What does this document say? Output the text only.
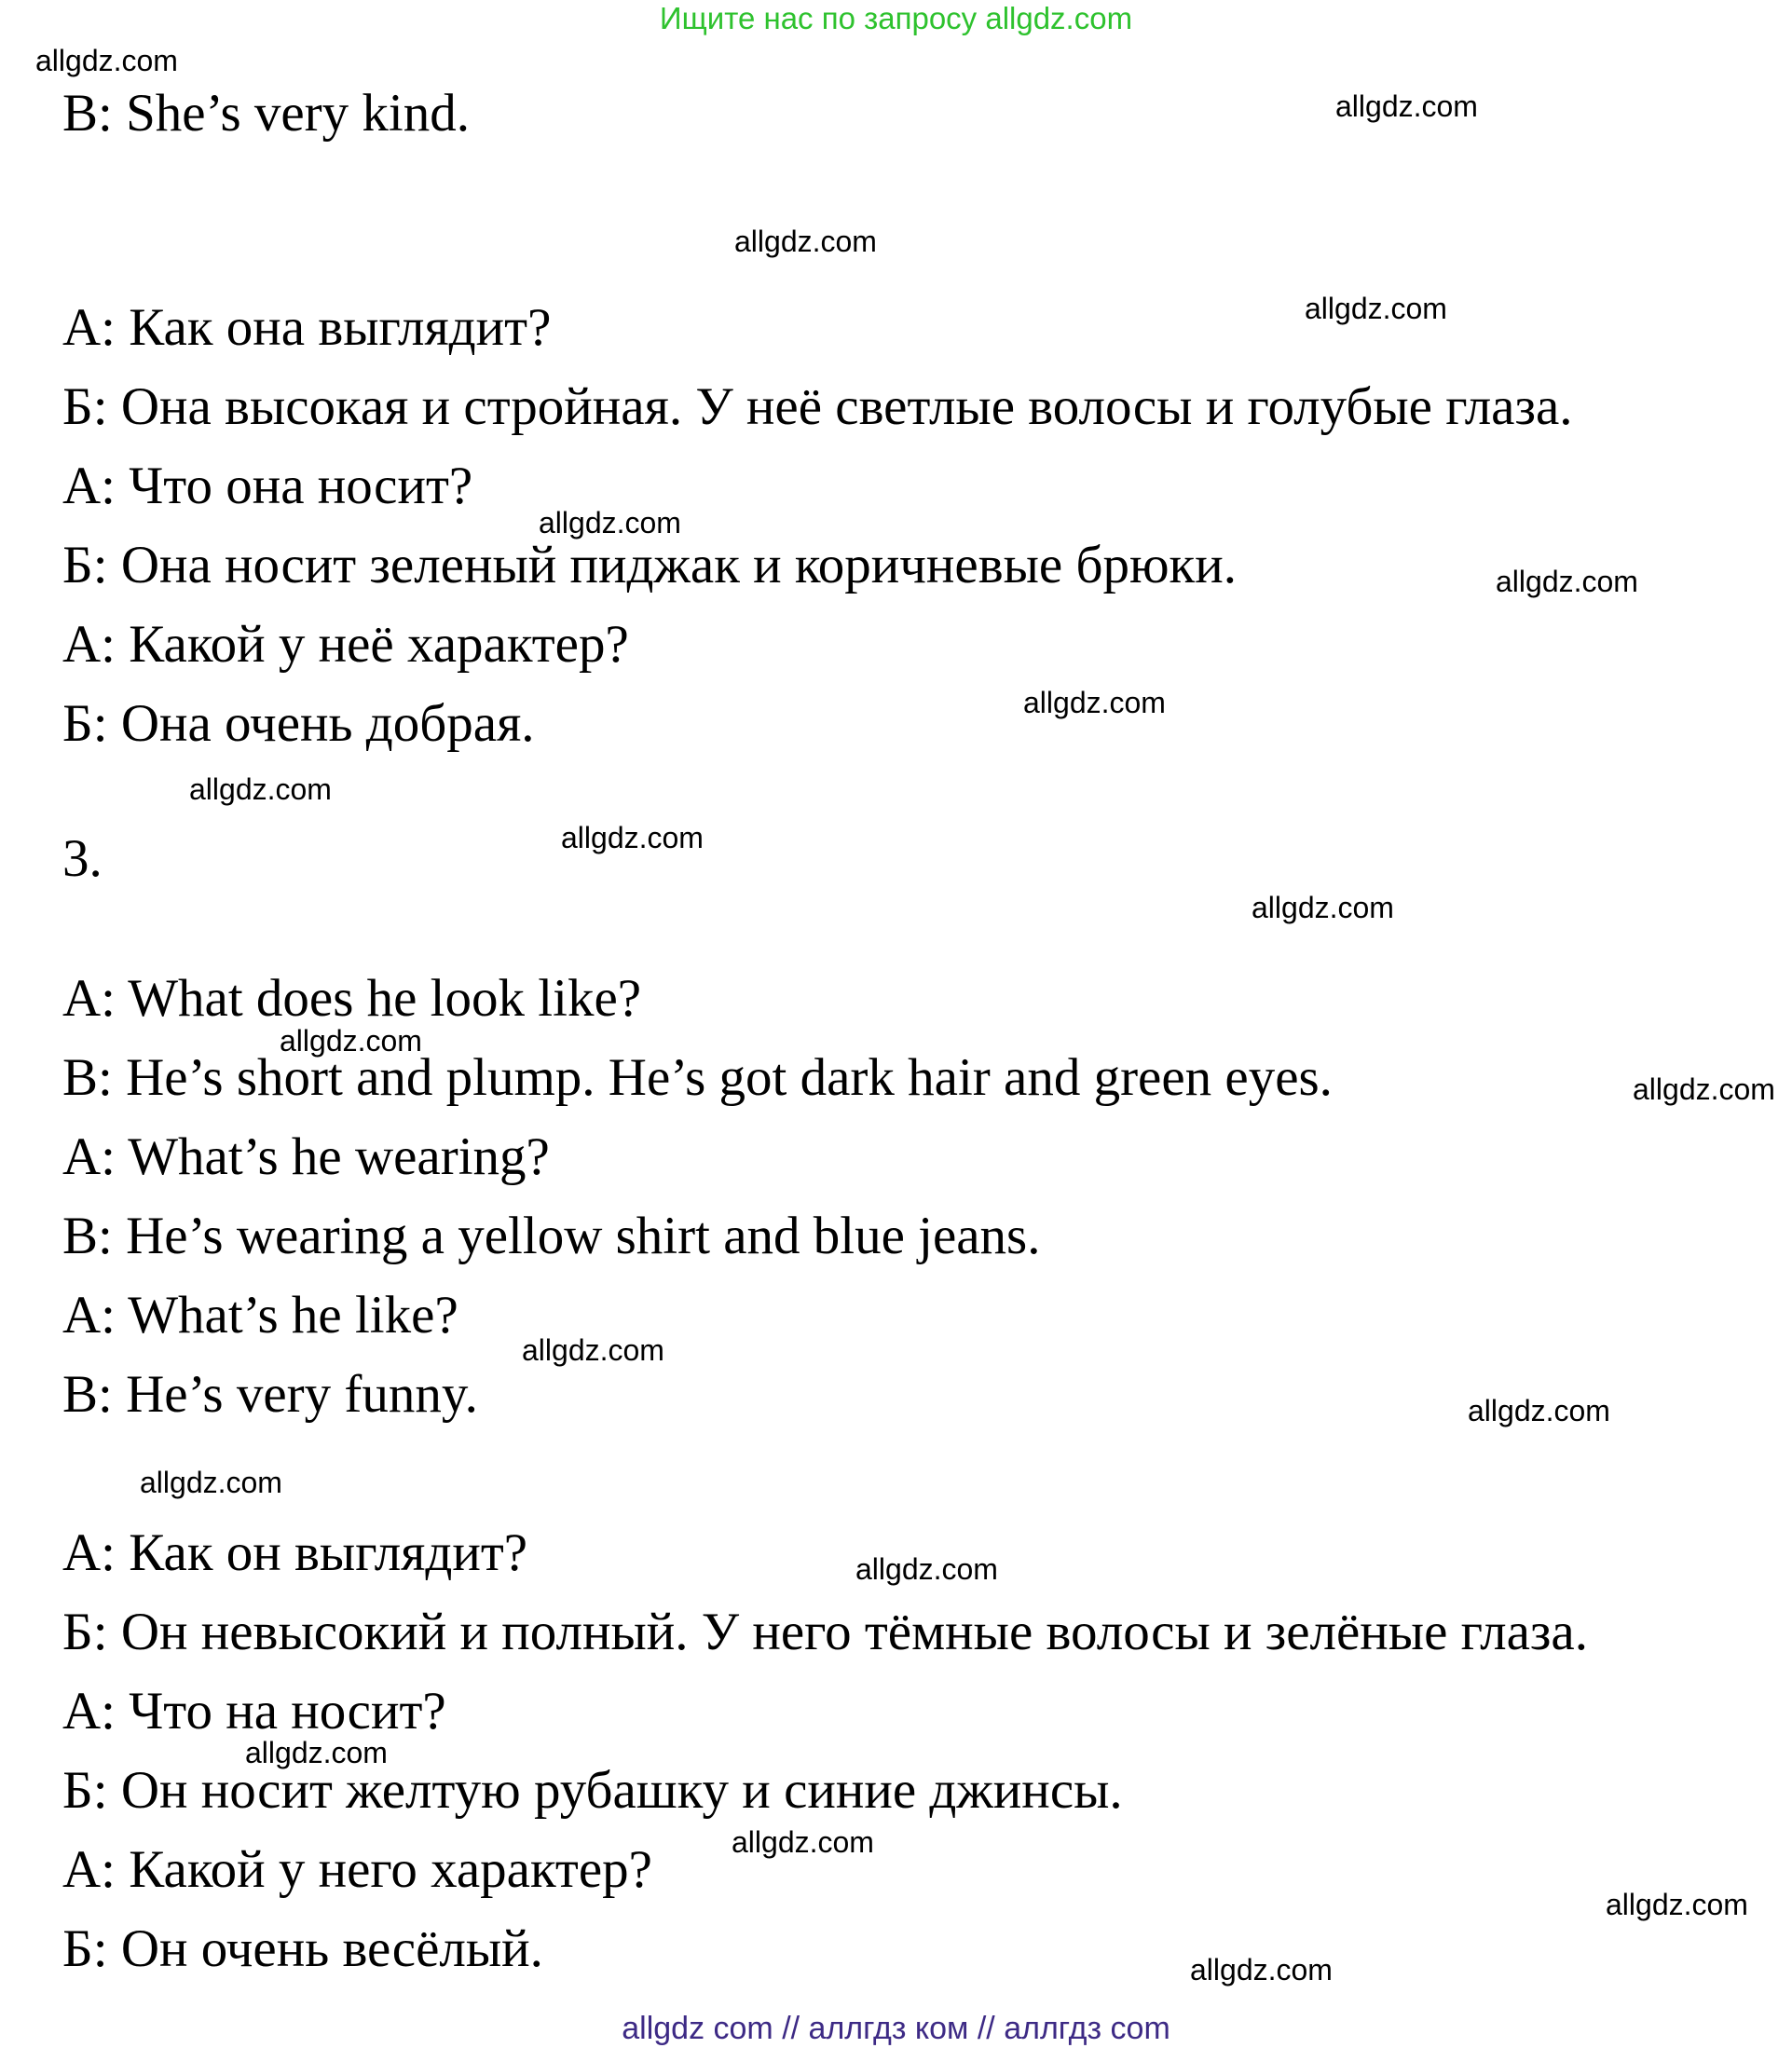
Ищите нас по запросу allgdz.com
B: She’s very kind.
A: Как она выглядит?
Б: Она высокая и стройная. У неё светлые волосы и голубые глаза.
А: Что она носит?
Б: Она носит зеленый пиджак и коричневые брюки.
А: Какой у неё характер?
Б: Она очень добрая.
3.
A: What does he look like?
B: He’s short and plump. He’s got dark hair and green eyes.
A: What’s he wearing?
B: He’s wearing a yellow shirt and blue jeans.
A: What’s he like?
B: He’s very funny.
A: Как он выглядит?
Б: Он невысокий и полный. У него тёмные волосы и зелёные глаза.
А: Что на носит?
Б: Он носит желтую рубашку и синие джинсы.
А: Какой у него характер?
Б: Он очень весёлый.
allgdz.com
allgdz.com
allgdz.com
allgdz.com
allgdz.com
allgdz.com
allgdz.com
allgdz.com
allgdz.com
allgdz.com
allgdz.com
allgdz.com
allgdz.com
allgdz.com
allgdz.com
allgdz.com
allgdz.com
allgdz.com
allgdz.com
allgdz.com
allgdz com // аллгдз ком // аллгдз com
